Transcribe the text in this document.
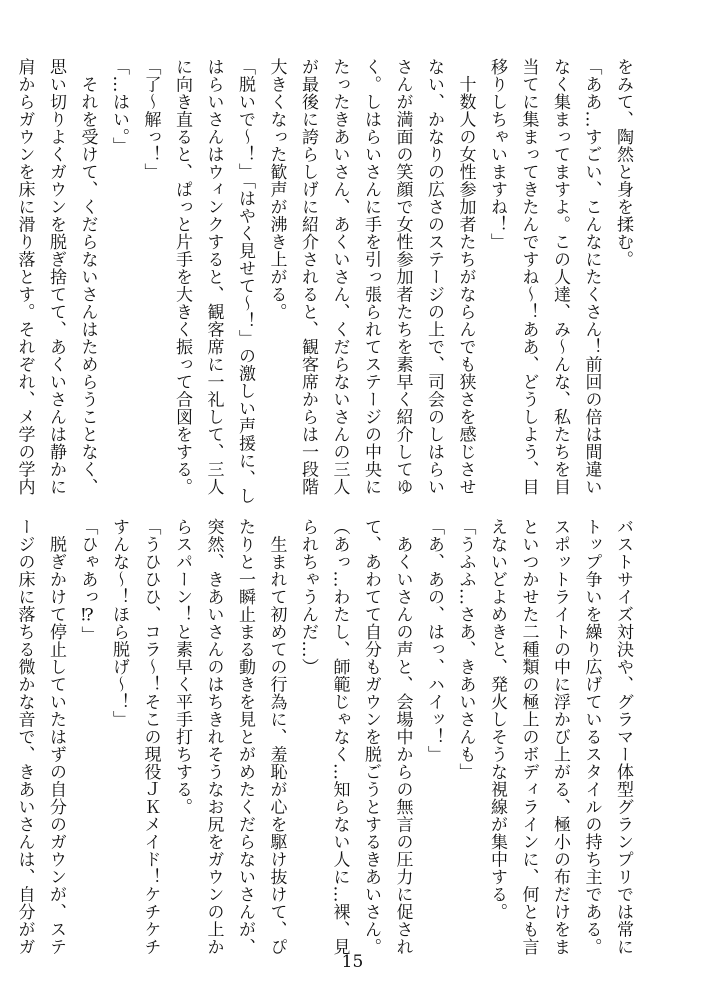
をみて、陶然と身を揉む。
「ああ…すごい、こんなにたくさん！前回の倍は間違い
なく集まってますよ。この人達、み～んな、私たちを目
当てに集まってきたんですね～！ああ、どうしよう、目
移りしちゃいますね！」
　十数人の女性参加者たちがならんでも狭さを感じさせ
ない、かなりの広さのステージの上で、司会のしはらい
さんが満面の笑顔で女性参加者たちを素早く紹介してゆ
く。しはらいさんに手を引っ張られてステージの中央に
たったきあいさん、あくいさん、くだらないさんの三人
が最後に誇らしげに紹介されると、観客席からは一段階
大きくなった歓声が沸き上がる。
「脱いで～！」「はやく見せて～！」の激しい声援に、し
はらいさんはウィンクすると、観客席に一礼して、三人
に向き直ると、ぱっと片手を大きく振って合図をする。
「了～解っ！」
「…はい。」
　それを受けて、くだらないさんはためらうことなく、
思い切りよくガウンを脱ぎ捨てて、あくいさんは静かに
肩からガウンを床に滑り落とす。それぞれ、メ学の学内
バストサイズ対決や、グラマー体型グランプリでは常に
トップ争いを繰り広げているスタイルの持ち主である。
スポットライトの中に浮かび上がる、極小の布だけをま
といつかせた二種類の極上のボディラインに、何とも言
えないどよめきと、発火しそうな視線が集中する。
「うふふ…さあ、きあいさんも」
「あ、あの、はっ、ハイッ！」
　あくいさんの声と、会場中からの無言の圧力に促され
て、あわてて自分もガウンを脱ごうとするきあいさん。
（あっ…わたし、師範じゃなく…知らない人に…裸、見
られちゃうんだ…）
　生まれて初めての行為に、羞恥が心を駆け抜けて、ぴ
たりと一瞬止まる動きを見とがめたくだらないさんが、
突然、きあいさんのはちきれそうなお尻をガウンの上か
らスパーン！と素早く平手打ちする。
「うひひひ、コラ～！そこの現役ＪＫメイド！ケチケチ
すんな～！ほら脱げ～！」
「ひゃあっ⁉」
　脱ぎかけて停止していたはずの自分のガウンが、ステ
ージの床に落ちる微かな音で、きあいさんは、自分がガ
15
